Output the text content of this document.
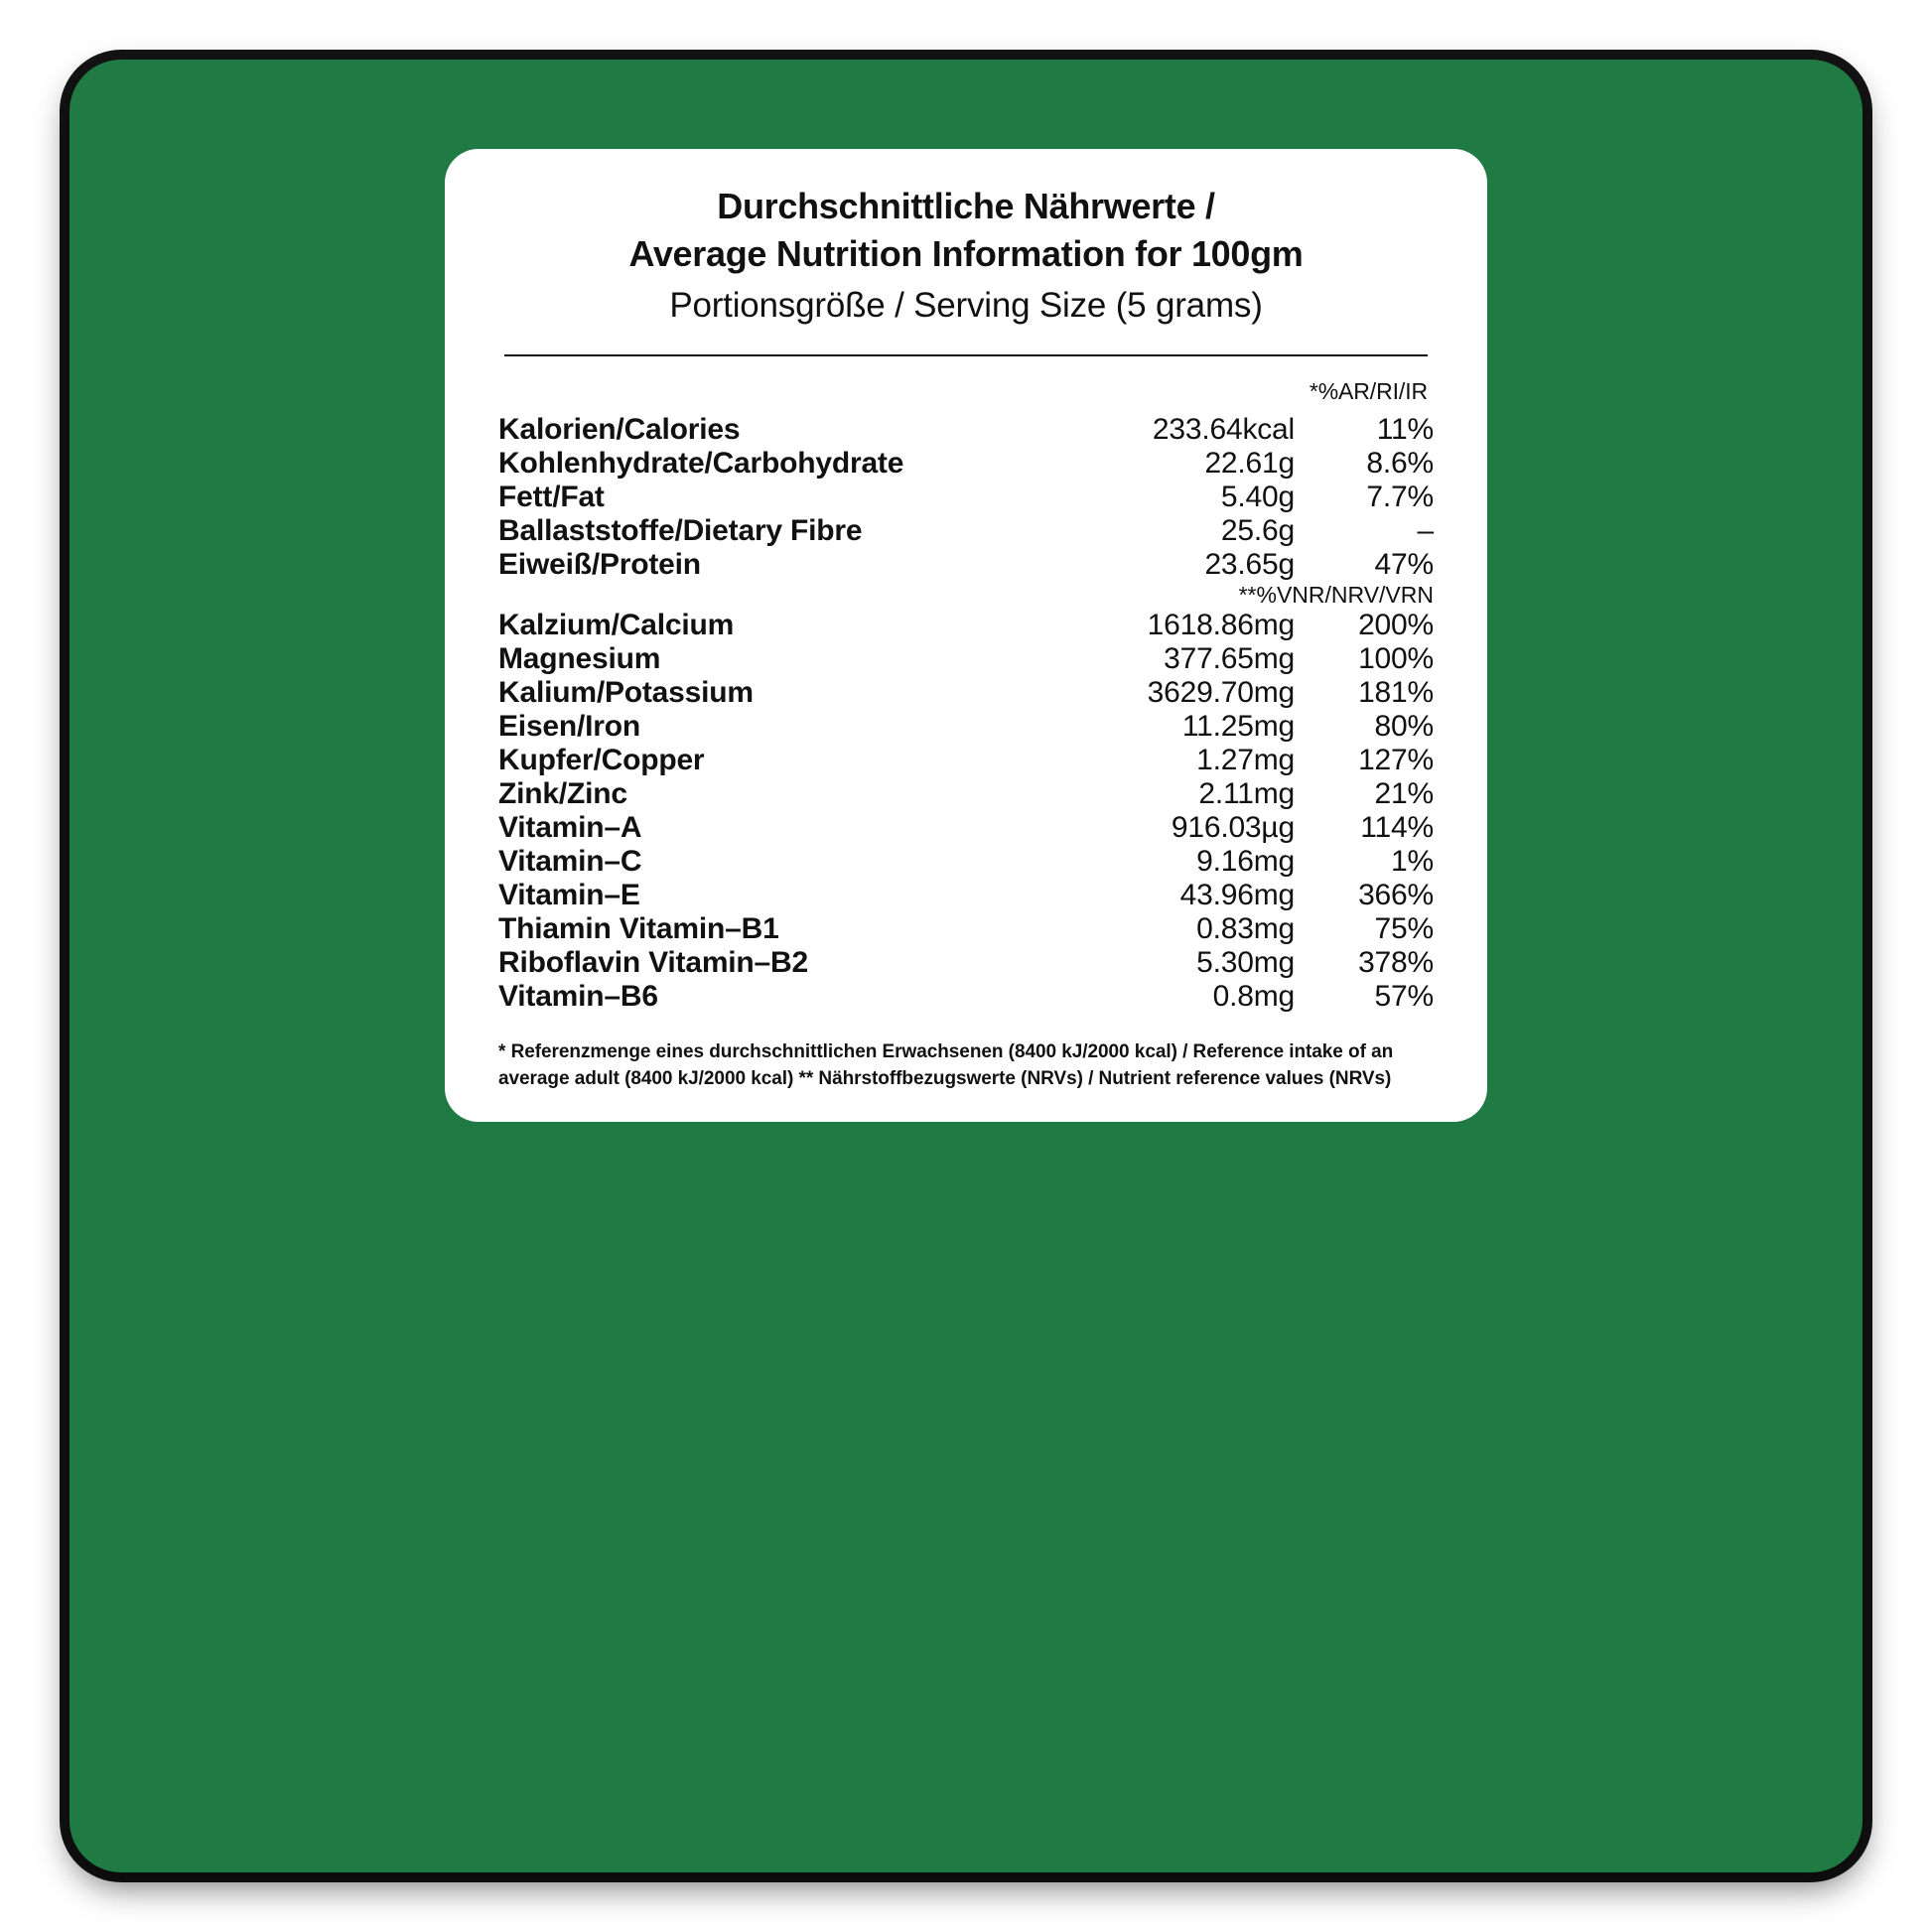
Durchschnittliche Nährwerte /
Average Nutrition Information for 100gm
Portionsgröße / Serving Size (5 grams)
*%AR/RI/IR
Kalorien/Calories	233.64kcal	11%
Kohlenhydrate/Carbohydrate	22.61g	8.6%
Fett/Fat	5.40g	7.7%
Ballaststoffe/Dietary Fibre	25.6g	–
Eiweiß/Protein	23.65g	47%
	**%VNR/NRV/VRN	
Kalzium/Calcium	1618.86mg	200%
Magnesium	377.65mg	100%
Kalium/Potassium	3629.70mg	181%
Eisen/Iron	11.25mg	80%
Kupfer/Copper	1.27mg	127%
Zink/Zinc	2.11mg	21%
Vitamin–A	916.03µg	114%
Vitamin–C	9.16mg	1%
Vitamin–E	43.96mg	366%
Thiamin Vitamin–B1	0.83mg	75%
Riboflavin Vitamin–B2	5.30mg	378%
Vitamin–B6	0.8mg	57%
* Referenzmenge eines durchschnittlichen Erwachsenen (8400 kJ/2000 kcal) / Reference intake of an average adult (8400 kJ/2000 kcal) ** Nährstoffbezugswerte (NRVs) / Nutrient reference values (NRVs)
